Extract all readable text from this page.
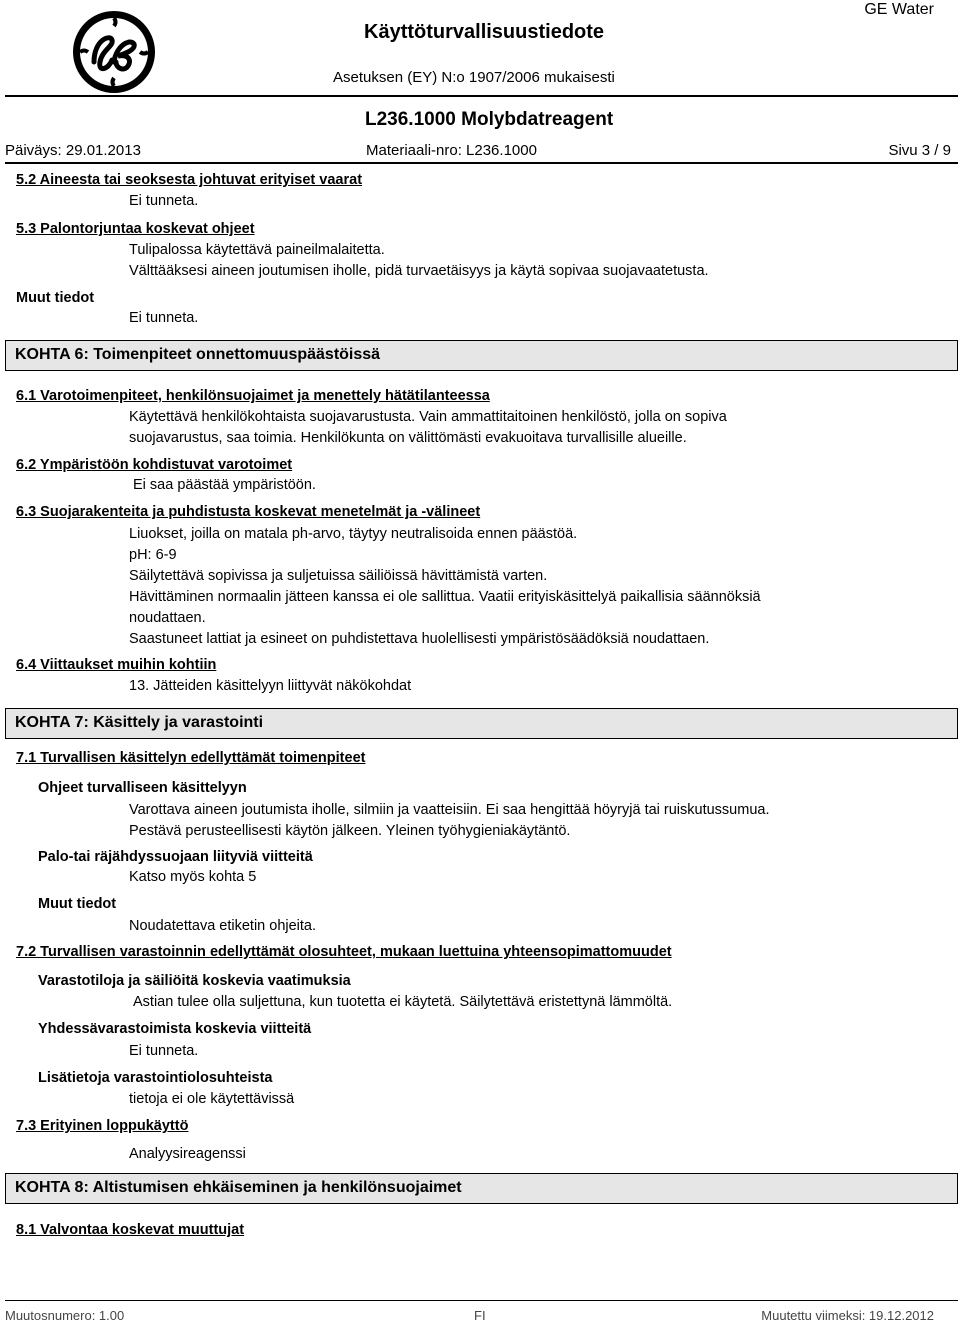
GE Water
Käyttöturvallisuustiedote
Asetuksen (EY) N:o 1907/2006 mukaisesti
L236.1000 Molybdatreagent
Päiväys: 29.01.2013	Materiaali-nro: L236.1000	Sivu 3 / 9
5.2 Aineesta tai seoksesta johtuvat erityiset vaarat
Ei tunneta.
5.3 Palontorjuntaa koskevat ohjeet
Tulipalossa käytettävä paineilmalaitetta.
Välttääksesi aineen joutumisen iholle, pidä turvaetäisyys ja käytä sopivaa suojavaatetusta.
Muut tiedot
Ei tunneta.
KOHTA 6: Toimenpiteet onnettomuuspäästöissä
6.1 Varotoimenpiteet, henkilönsuojaimet ja menettely hätätilanteessa
Käytettävä henkilökohtaista suojavarustusta. Vain ammattitaitoinen henkilöstö, jolla on sopiva
suojavarustus, saa toimia. Henkilökunta on välittömästi evakuoitava turvallisille alueille.
6.2 Ympäristöön kohdistuvat varotoimet
Ei saa päästää ympäristöön.
6.3 Suojarakenteita ja puhdistusta koskevat menetelmät ja -välineet
Liuokset, joilla on matala ph-arvo, täytyy neutralisoida ennen päästöä.
pH: 6-9
Säilytettävä sopivissa ja suljetuissa säiliöissä hävittämistä varten.
Hävittäminen normaalin jätteen kanssa ei ole sallittua. Vaatii erityiskäsittelyä paikallisia säännöksiä
noudattaen.
Saastuneet lattiat ja esineet on puhdistettava huolellisesti ympäristösäädöksiä noudattaen.
6.4 Viittaukset muihin kohtiin
13. Jätteiden käsittelyyn liittyvät näkökohdat
KOHTA 7: Käsittely ja varastointi
7.1 Turvallisen käsittelyn edellyttämät toimenpiteet
Ohjeet turvalliseen käsittelyyn
Varottava aineen joutumista iholle, silmiin ja vaatteisiin. Ei saa hengittää höyryjä tai ruiskutussumua.
Pestävä perusteellisesti käytön jälkeen. Yleinen työhygieniakäytäntö.
Palo-tai räjähdyssuojaan liityviä viitteitä
Katso myös kohta 5
Muut tiedot
Noudatettava etiketin ohjeita.
7.2 Turvallisen varastoinnin edellyttämät olosuhteet, mukaan luettuina yhteensopimattomuudet
Varastotiloja ja säiliöitä koskevia vaatimuksia
Astian tulee olla suljettuna, kun tuotetta ei käytetä. Säilytettävä eristettynä lämmöltä.
Yhdessävarastoimista koskevia viitteitä
Ei tunneta.
Lisätietoja varastointiolosuhteista
tietoja ei ole käytettävissä
7.3 Erityinen loppukäyttö
Analyysireagenssi
KOHTA 8: Altistumisen ehkäiseminen ja henkilönsuojaimet
8.1 Valvontaa koskevat muuttujat
Muutosnumero: 1.00	FI	Muutettu viimeksi: 19.12.2012
